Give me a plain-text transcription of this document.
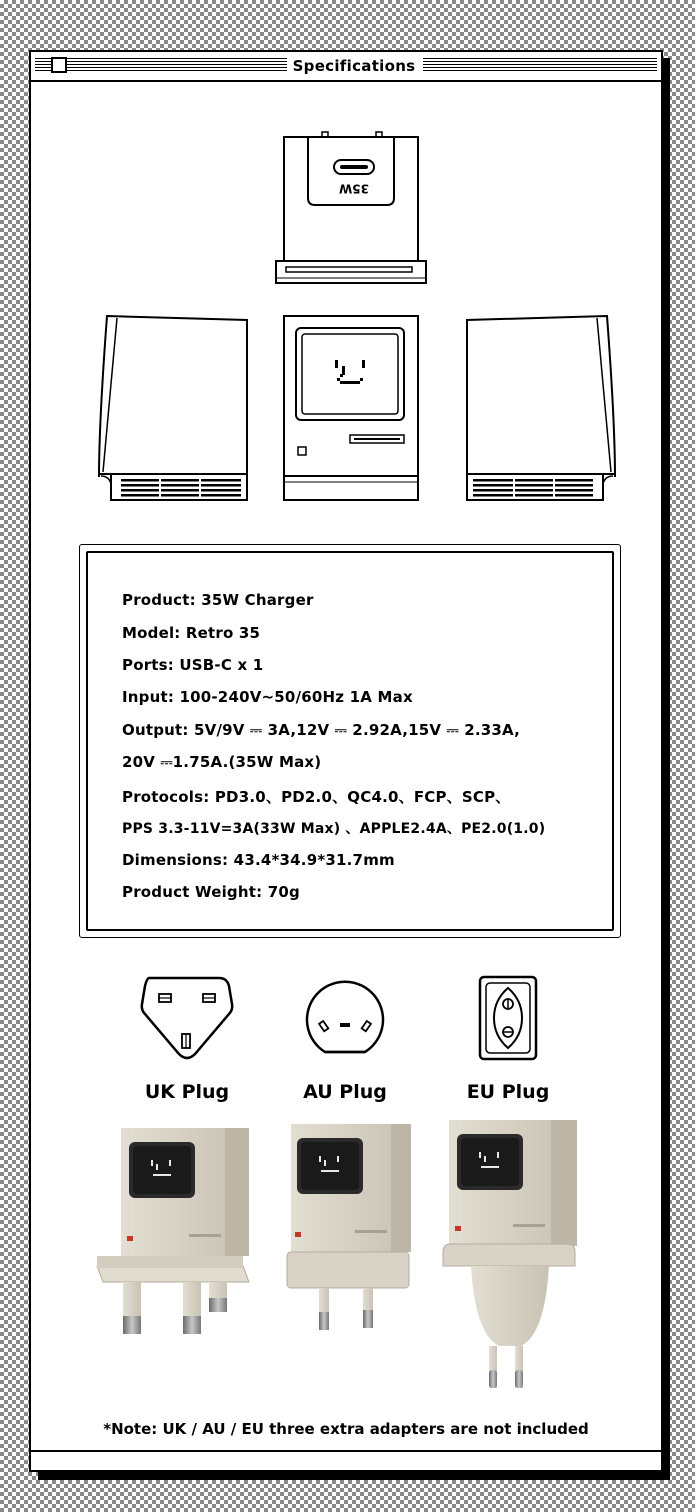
Specifications
35W
Product: 35W Charger
Model: Retro 35
Ports: USB-C x 1
Input: 100-240V~50/60Hz 1A Max
Output: 5V/9V ⎓ 3A,12V ⎓ 2.92A,15V ⎓ 2.33A,
20V ⎓1.75A.(35W Max)
Protocols: PD3.0、PD2.0、QC4.0、FCP、SCP、
PPS 3.3-11V=3A(33W Max) 、APPLE2.4A、PE2.0(1.0)
Dimensions: 43.4*34.9*31.7mm
Product Weight: 70g
UK Plug	AU Plug	EU Plug
*Note: UK / AU / EU three extra adapters are not included
